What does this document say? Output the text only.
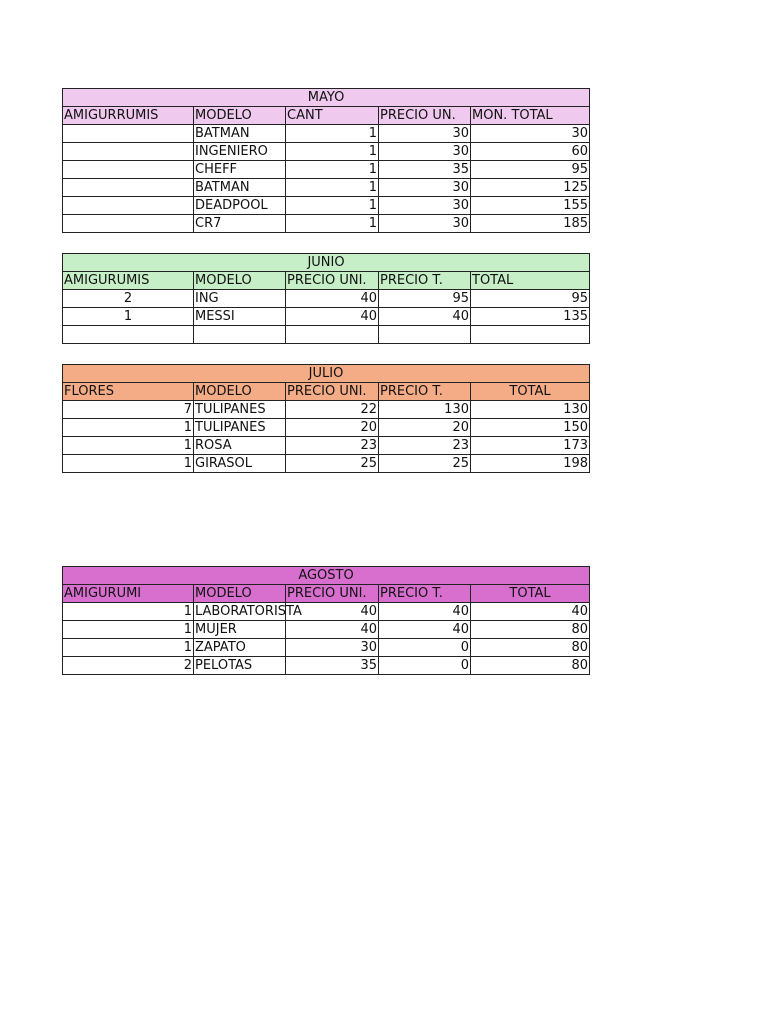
MAYO				
AMIGURRUMIS	MODELO	CANT	PRECIO UN.	MON. TOTAL
	BATMAN	1	30	30
	INGENIERO	1	30	60
	CHEFF	1	35	95
	BATMAN	1	30	125
	DEADPOOL	1	30	155
	CR7	1	30	185
JUNIO				
AMIGURUMIS	MODELO	PRECIO UNI.	PRECIO T.	TOTAL
2	ING	40	95	95
1	MESSI	40	40	135

JULIO				
FLORES	MODELO	PRECIO UNI.	PRECIO T.	TOTAL
7	TULIPANES	22	130	130
1	TULIPANES	20	20	150
1	ROSA	23	23	173
1	GIRASOL	25	25	198
AGOSTO				
AMIGURUMI	MODELO	PRECIO UNI.	PRECIO T.	TOTAL
1	LABORATORISTA	40	40	40
1	MUJER	40	40	80
1	ZAPATO	30	0	80
2	PELOTAS	35	0	80
